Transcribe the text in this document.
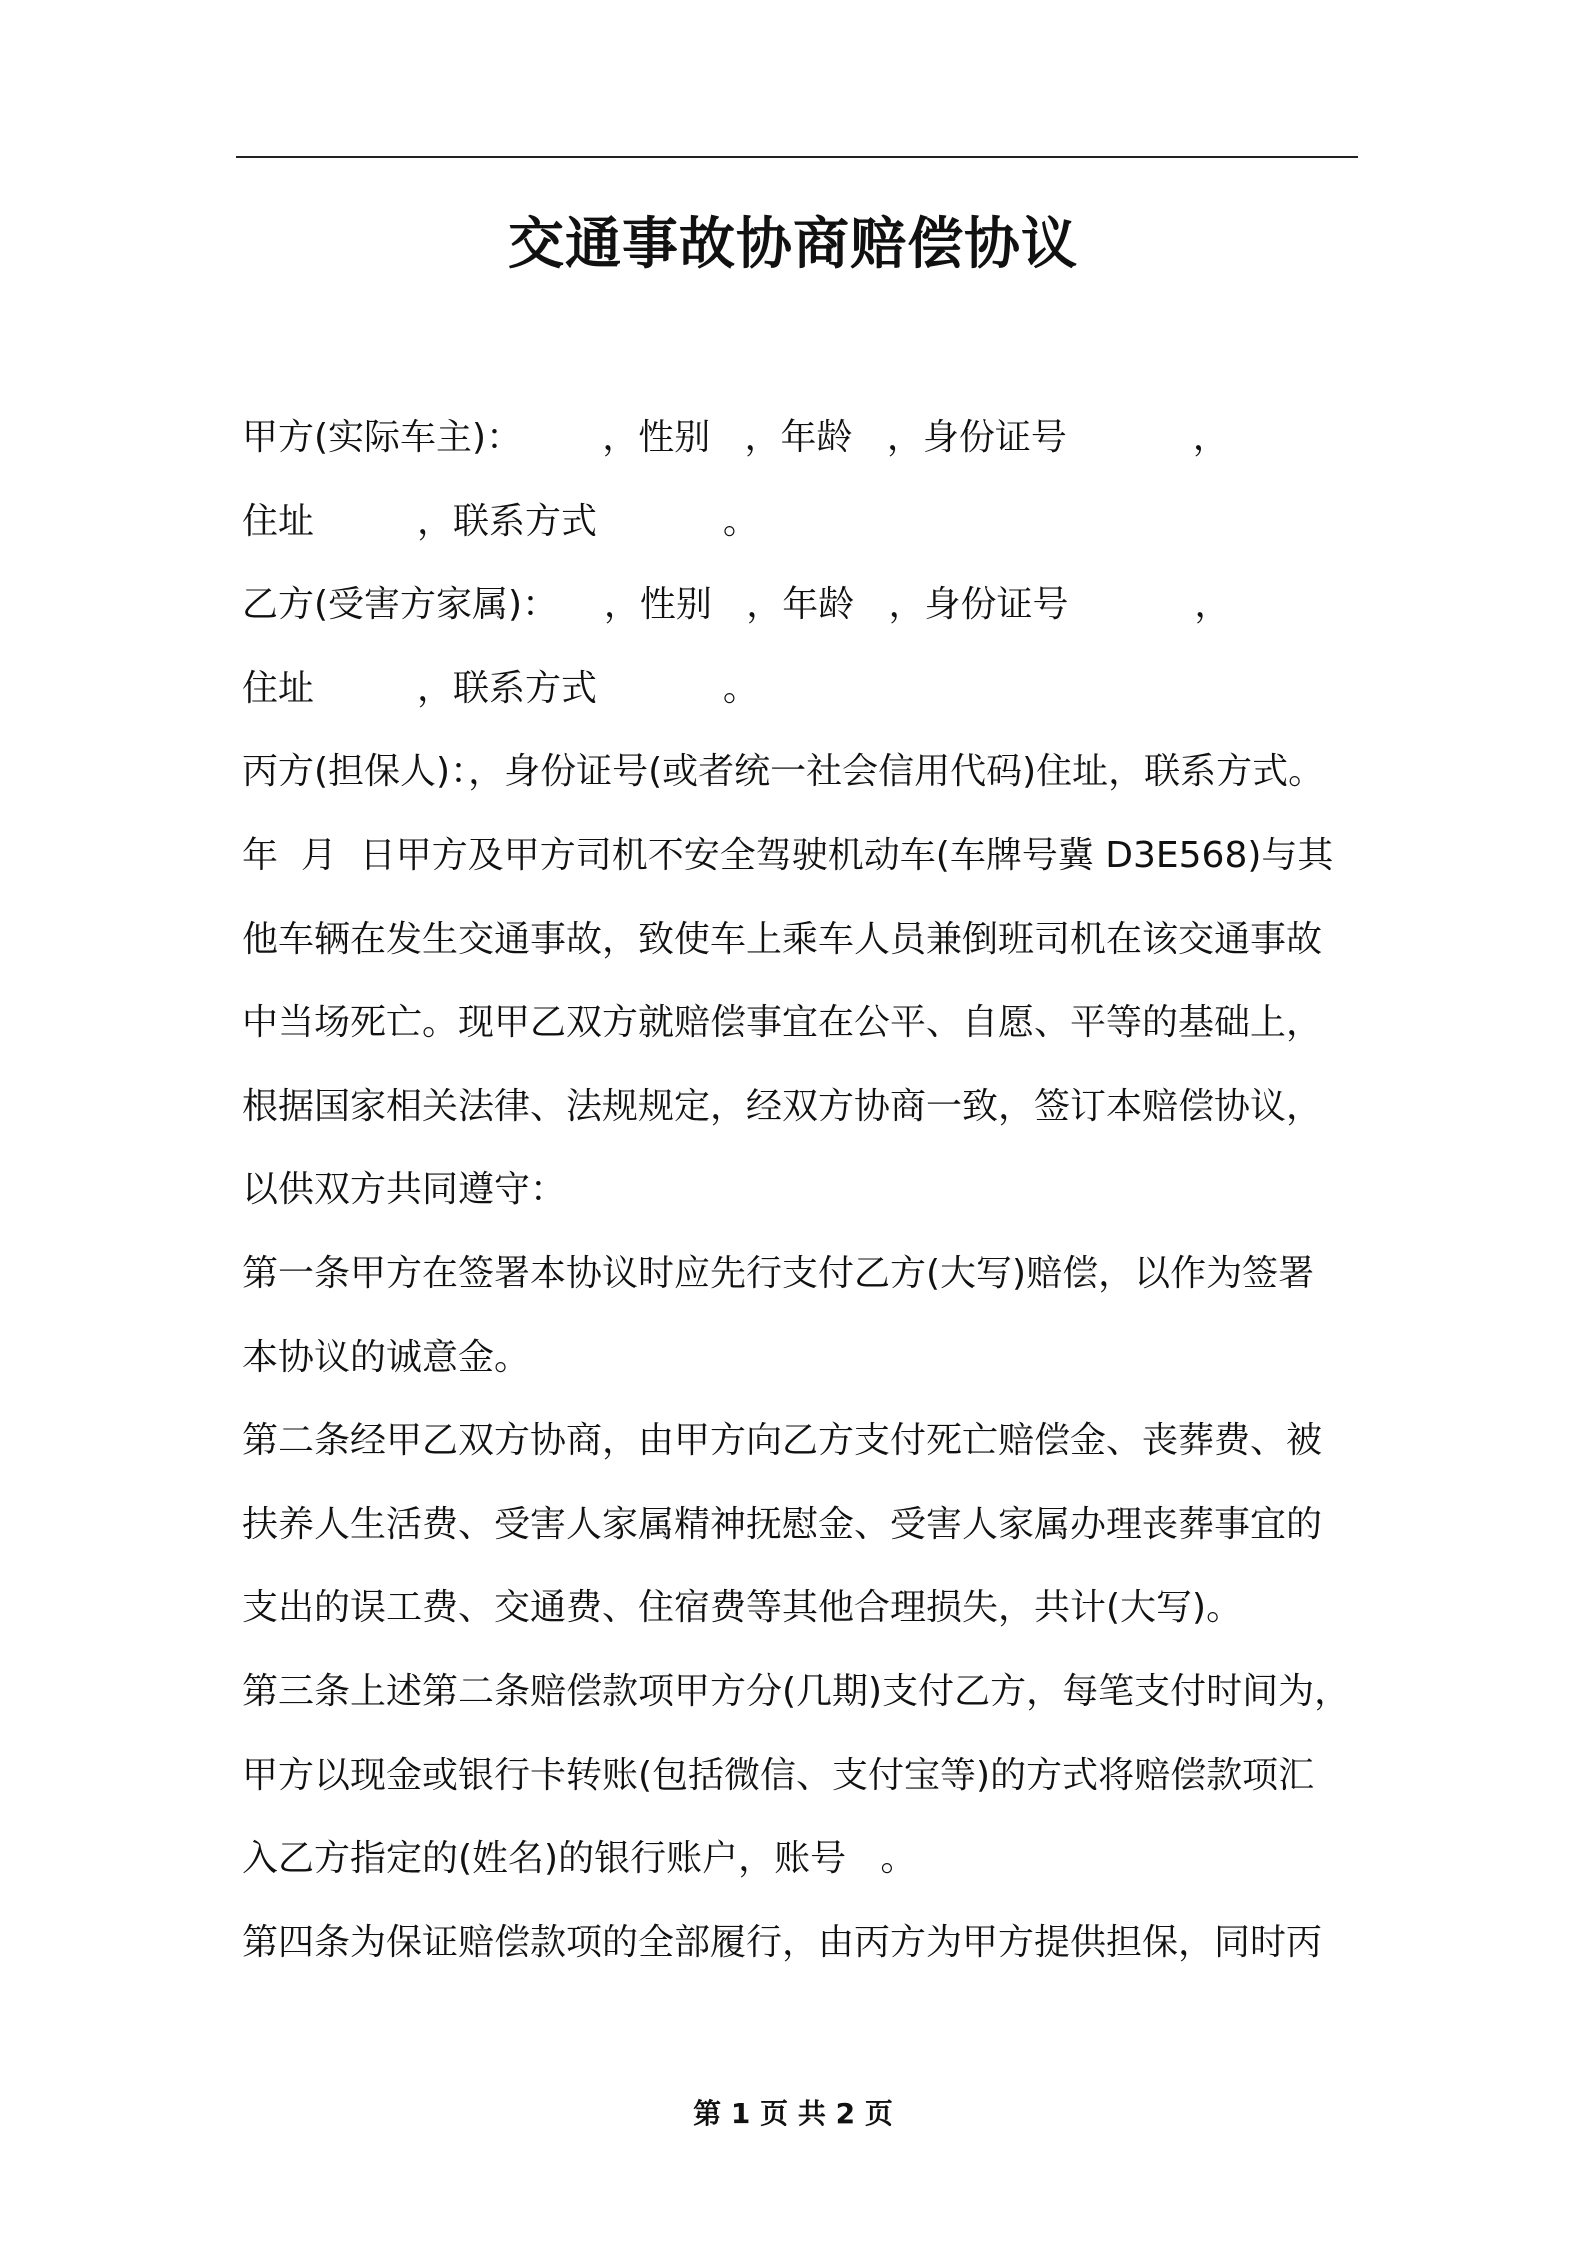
交通事故协商赔偿协议
甲方(实际车主)：       ，性别   ，年龄   ，身份证号           ，
住址         ，联系方式           。
乙方(受害方家属)：    ，性别   ，年龄   ，身份证号           ，
住址         ，联系方式           。
丙方(担保人)：，身份证号(或者统一社会信用代码)住址，联系方式。
年  月  日甲方及甲方司机不安全驾驶机动车(车牌号冀 D3E568)与其
他车辆在发生交通事故，致使车上乘车人员兼倒班司机在该交通事故
中当场死亡。现甲乙双方就赔偿事宜在公平、自愿、平等的基础上，
根据国家相关法律、法规规定，经双方协商一致，签订本赔偿协议，
以供双方共同遵守：
第一条甲方在签署本协议时应先行支付乙方(大写)赔偿，以作为签署
本协议的诚意金。
第二条经甲乙双方协商，由甲方向乙方支付死亡赔偿金、丧葬费、被
扶养人生活费、受害人家属精神抚慰金、受害人家属办理丧葬事宜的
支出的误工费、交通费、住宿费等其他合理损失，共计(大写)。
第三条上述第二条赔偿款项甲方分(几期)支付乙方，每笔支付时间为，
甲方以现金或银行卡转账(包括微信、支付宝等)的方式将赔偿款项汇
入乙方指定的(姓名)的银行账户，账号   。
第四条为保证赔偿款项的全部履行，由丙方为甲方提供担保，同时丙
第 1 页 共 2 页
